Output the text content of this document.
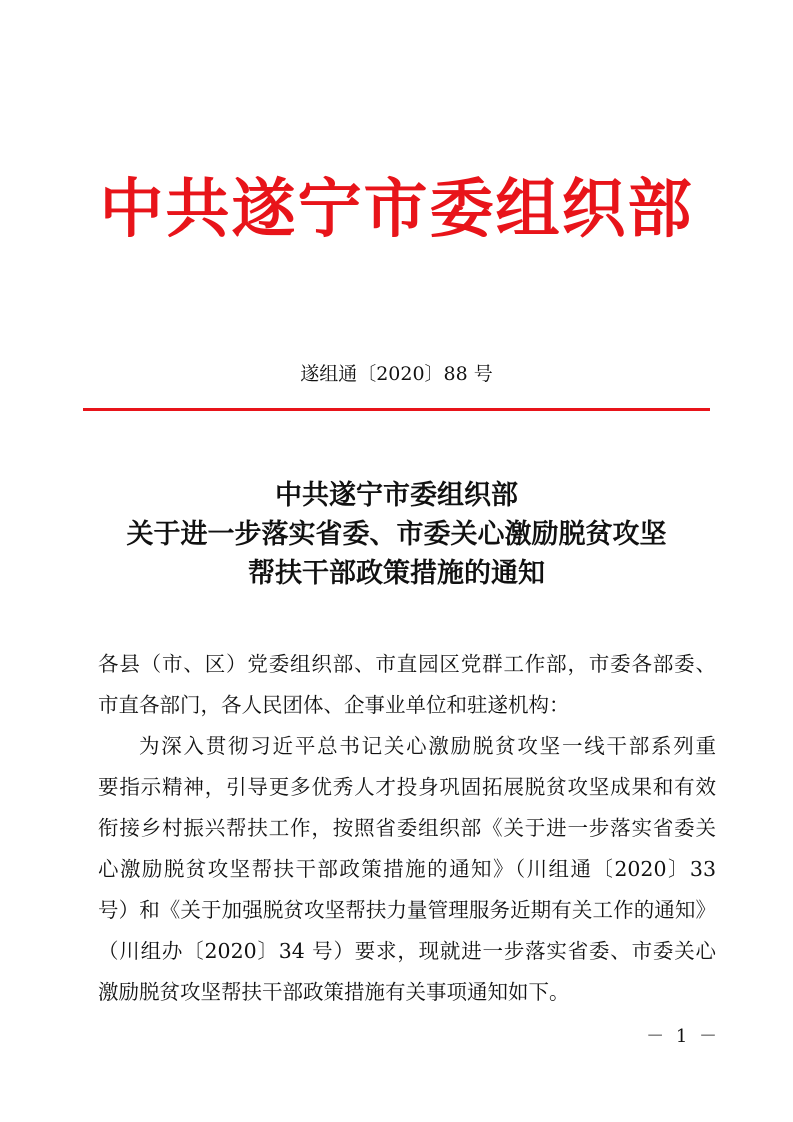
中共遂宁市委组织部
遂组通〔2020〕88 号
中共遂宁市委组织部
关于进一步落实省委、市委关心激励脱贫攻坚
帮扶干部政策措施的通知
各县（市、区）党委组织部、市直园区党群工作部，市委各部委、
市直各部门，各人民团体、企事业单位和驻遂机构：
为深入贯彻习近平总书记关心激励脱贫攻坚一线干部系列重
要指示精神，引导更多优秀人才投身巩固拓展脱贫攻坚成果和有效
衔接乡村振兴帮扶工作，按照省委组织部《关于进一步落实省委关
心激励脱贫攻坚帮扶干部政策措施的通知》（川组通〔2020〕33
号）和《关于加强脱贫攻坚帮扶力量管理服务近期有关工作的通知》
（川组办〔2020〕34 号）要求，现就进一步落实省委、市委关心
激励脱贫攻坚帮扶干部政策措施有关事项通知如下。
－ 1 －
